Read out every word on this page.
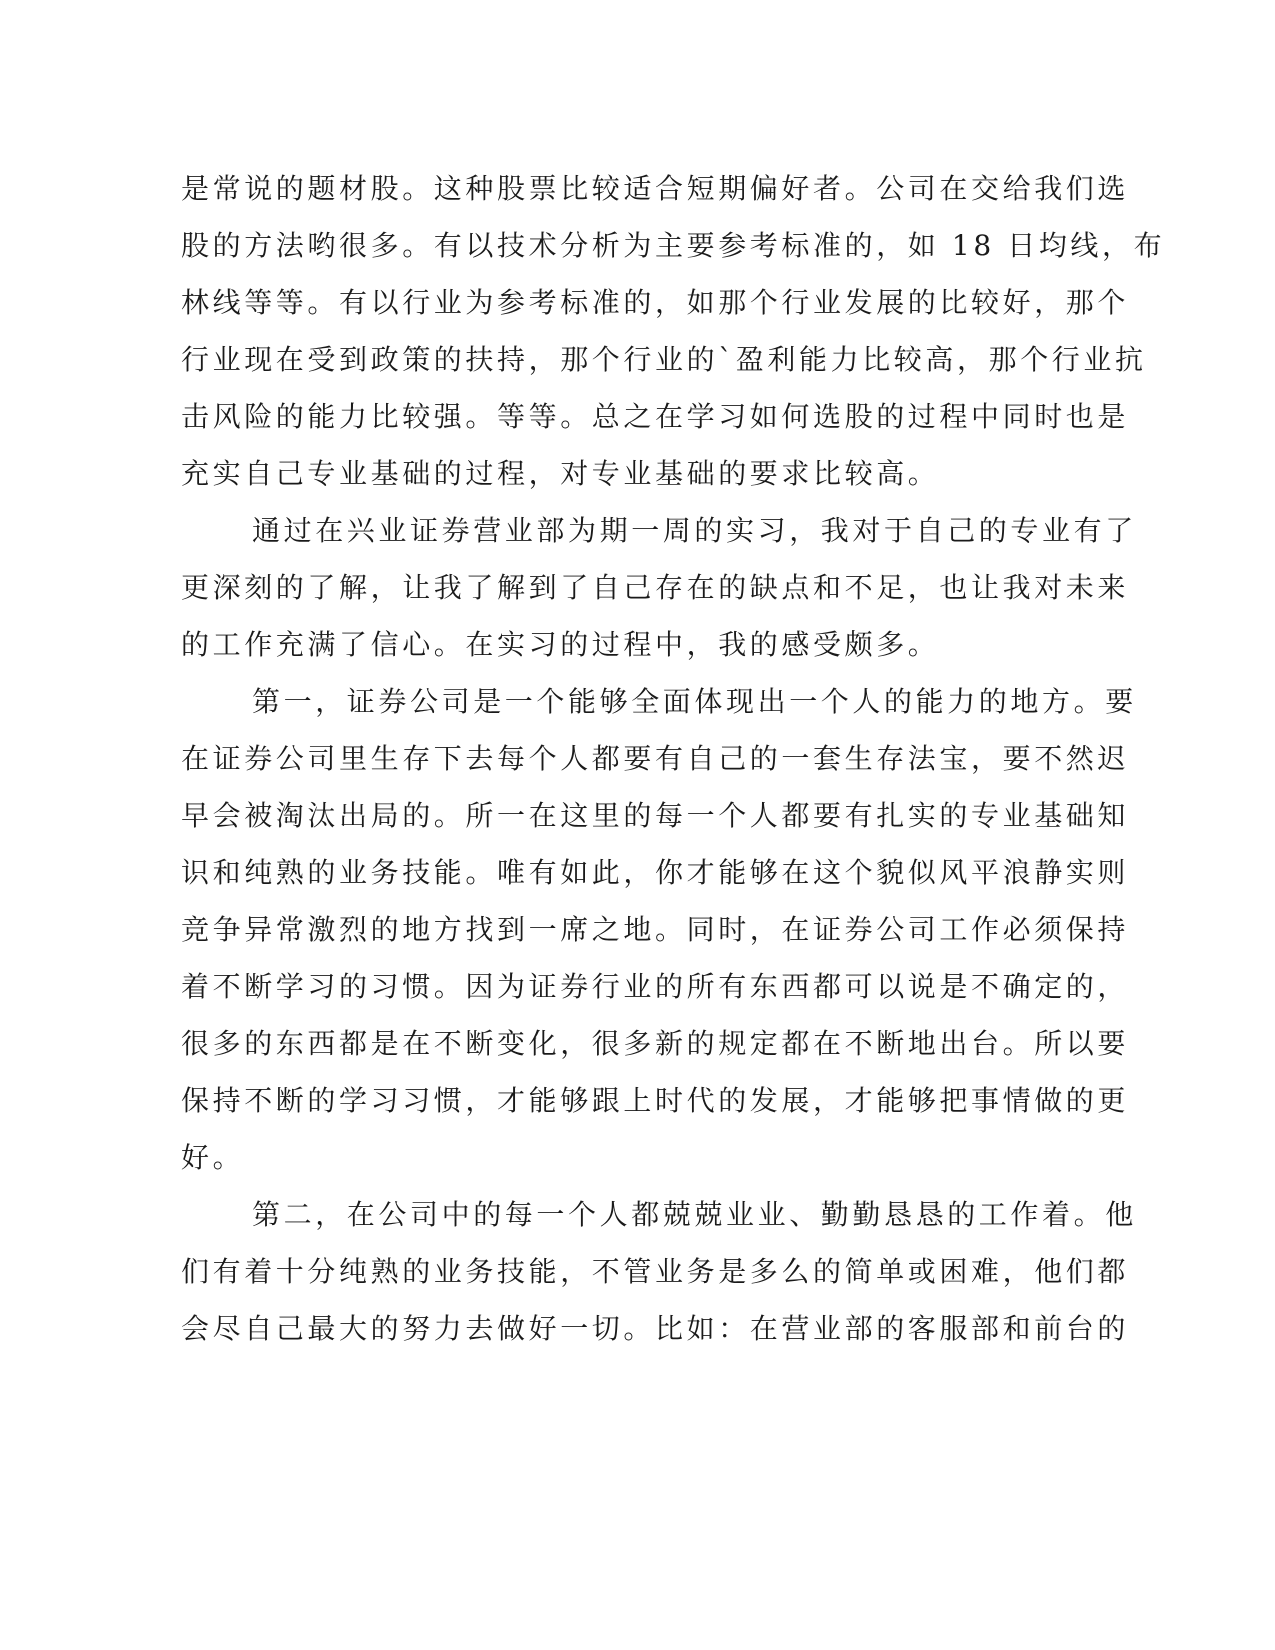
是常说的题材股。这种股票比较适合短期偏好者。公司在交给我们选
股的方法哟很多。有以技术分析为主要参考标准的，如 18 日均线，布
林线等等。有以行业为参考标准的，如那个行业发展的比较好，那个
行业现在受到政策的扶持，那个行业的`盈利能力比较高，那个行业抗
击风险的能力比较强。等等。总之在学习如何选股的过程中同时也是
充实自己专业基础的过程，对专业基础的要求比较高。
通过在兴业证券营业部为期一周的实习，我对于自己的专业有了
更深刻的了解，让我了解到了自己存在的缺点和不足，也让我对未来
的工作充满了信心。在实习的过程中，我的感受颇多。
第一，证券公司是一个能够全面体现出一个人的能力的地方。要
在证券公司里生存下去每个人都要有自己的一套生存法宝，要不然迟
早会被淘汰出局的。所一在这里的每一个人都要有扎实的专业基础知
识和纯熟的业务技能。唯有如此，你才能够在这个貌似风平浪静实则
竞争异常激烈的地方找到一席之地。同时，在证券公司工作必须保持
着不断学习的习惯。因为证券行业的所有东西都可以说是不确定的，
很多的东西都是在不断变化，很多新的规定都在不断地出台。所以要
保持不断的学习习惯，才能够跟上时代的发展，才能够把事情做的更
好。
第二，在公司中的每一个人都兢兢业业、勤勤恳恳的工作着。他
们有着十分纯熟的业务技能，不管业务是多么的简单或困难，他们都
会尽自己最大的努力去做好一切。比如：在营业部的客服部和前台的
